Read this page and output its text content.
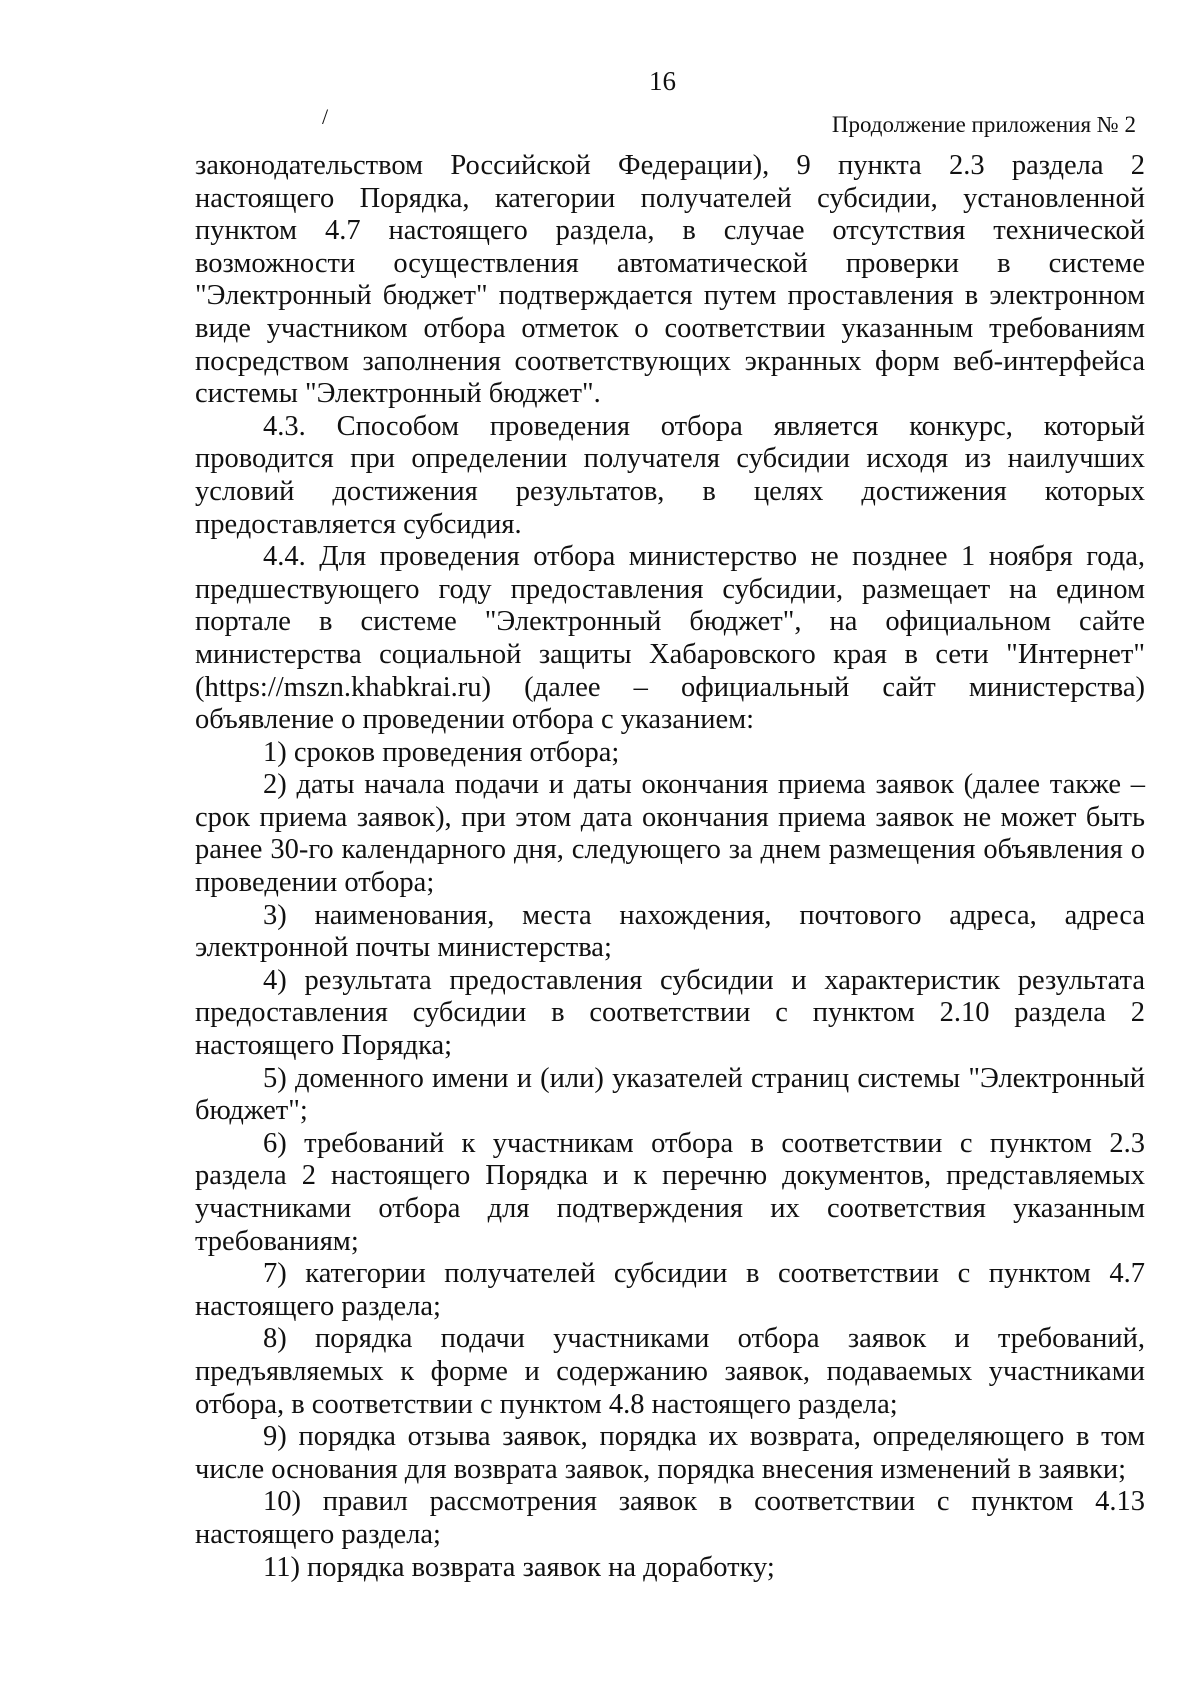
16
/	Продолжение приложения № 2

законодательством Российской Федерации), 9 пункта 2.3 раздела 2 настоящего Порядка, категории получателей субсидии, установленной пунктом 4.7 настоящего раздела, в случае отсутствия технической возможности осуществления автоматической проверки в системе "Электронный бюджет" подтверждается путем проставления в электронном виде участником отбора отметок о соответствии указанным требованиям посредством заполнения соответствующих экранных форм веб-интерфейса системы "Электронный бюджет".

4.3. Способом проведения отбора является конкурс, который проводится при определении получателя субсидии исходя из наилучших условий достижения результатов, в целях достижения которых предоставляется субсидия.

4.4. Для проведения отбора министерство не позднее 1 ноября года, предшествующего году предоставления субсидии, размещает на едином портале в системе "Электронный бюджет", на официальном сайте министерства социальной защиты Хабаровского края в сети "Интернет" (https://mszn.khabkrai.ru) (далее – официальный сайт министерства) объявление о проведении отбора с указанием:

1) сроков проведения отбора;

2) даты начала подачи и даты окончания приема заявок (далее также – срок приема заявок), при этом дата окончания приема заявок не может быть ранее 30-го календарного дня, следующего за днем размещения объявления о проведении отбора;

3) наименования, места нахождения, почтового адреса, адреса электронной почты министерства;

4) результата предоставления субсидии и характеристик результата предоставления субсидии в соответствии с пунктом 2.10 раздела 2 настоящего Порядка;

5) доменного имени и (или) указателей страниц системы "Электронный бюджет";

6) требований к участникам отбора в соответствии с пунктом 2.3 раздела 2 настоящего Порядка и к перечню документов, представляемых участниками отбора для подтверждения их соответствия указанным требованиям;

7) категории получателей субсидии в соответствии с пунктом 4.7 настоящего раздела;

8) порядка подачи участниками отбора заявок и требований, предъявляемых к форме и содержанию заявок, подаваемых участниками отбора, в соответствии с пунктом 4.8 настоящего раздела;

9) порядка отзыва заявок, порядка их возврата, определяющего в том числе основания для возврата заявок, порядка внесения изменений в заявки;

10) правил рассмотрения заявок в соответствии с пунктом 4.13 настоящего раздела;

11) порядка возврата заявок на доработку;
